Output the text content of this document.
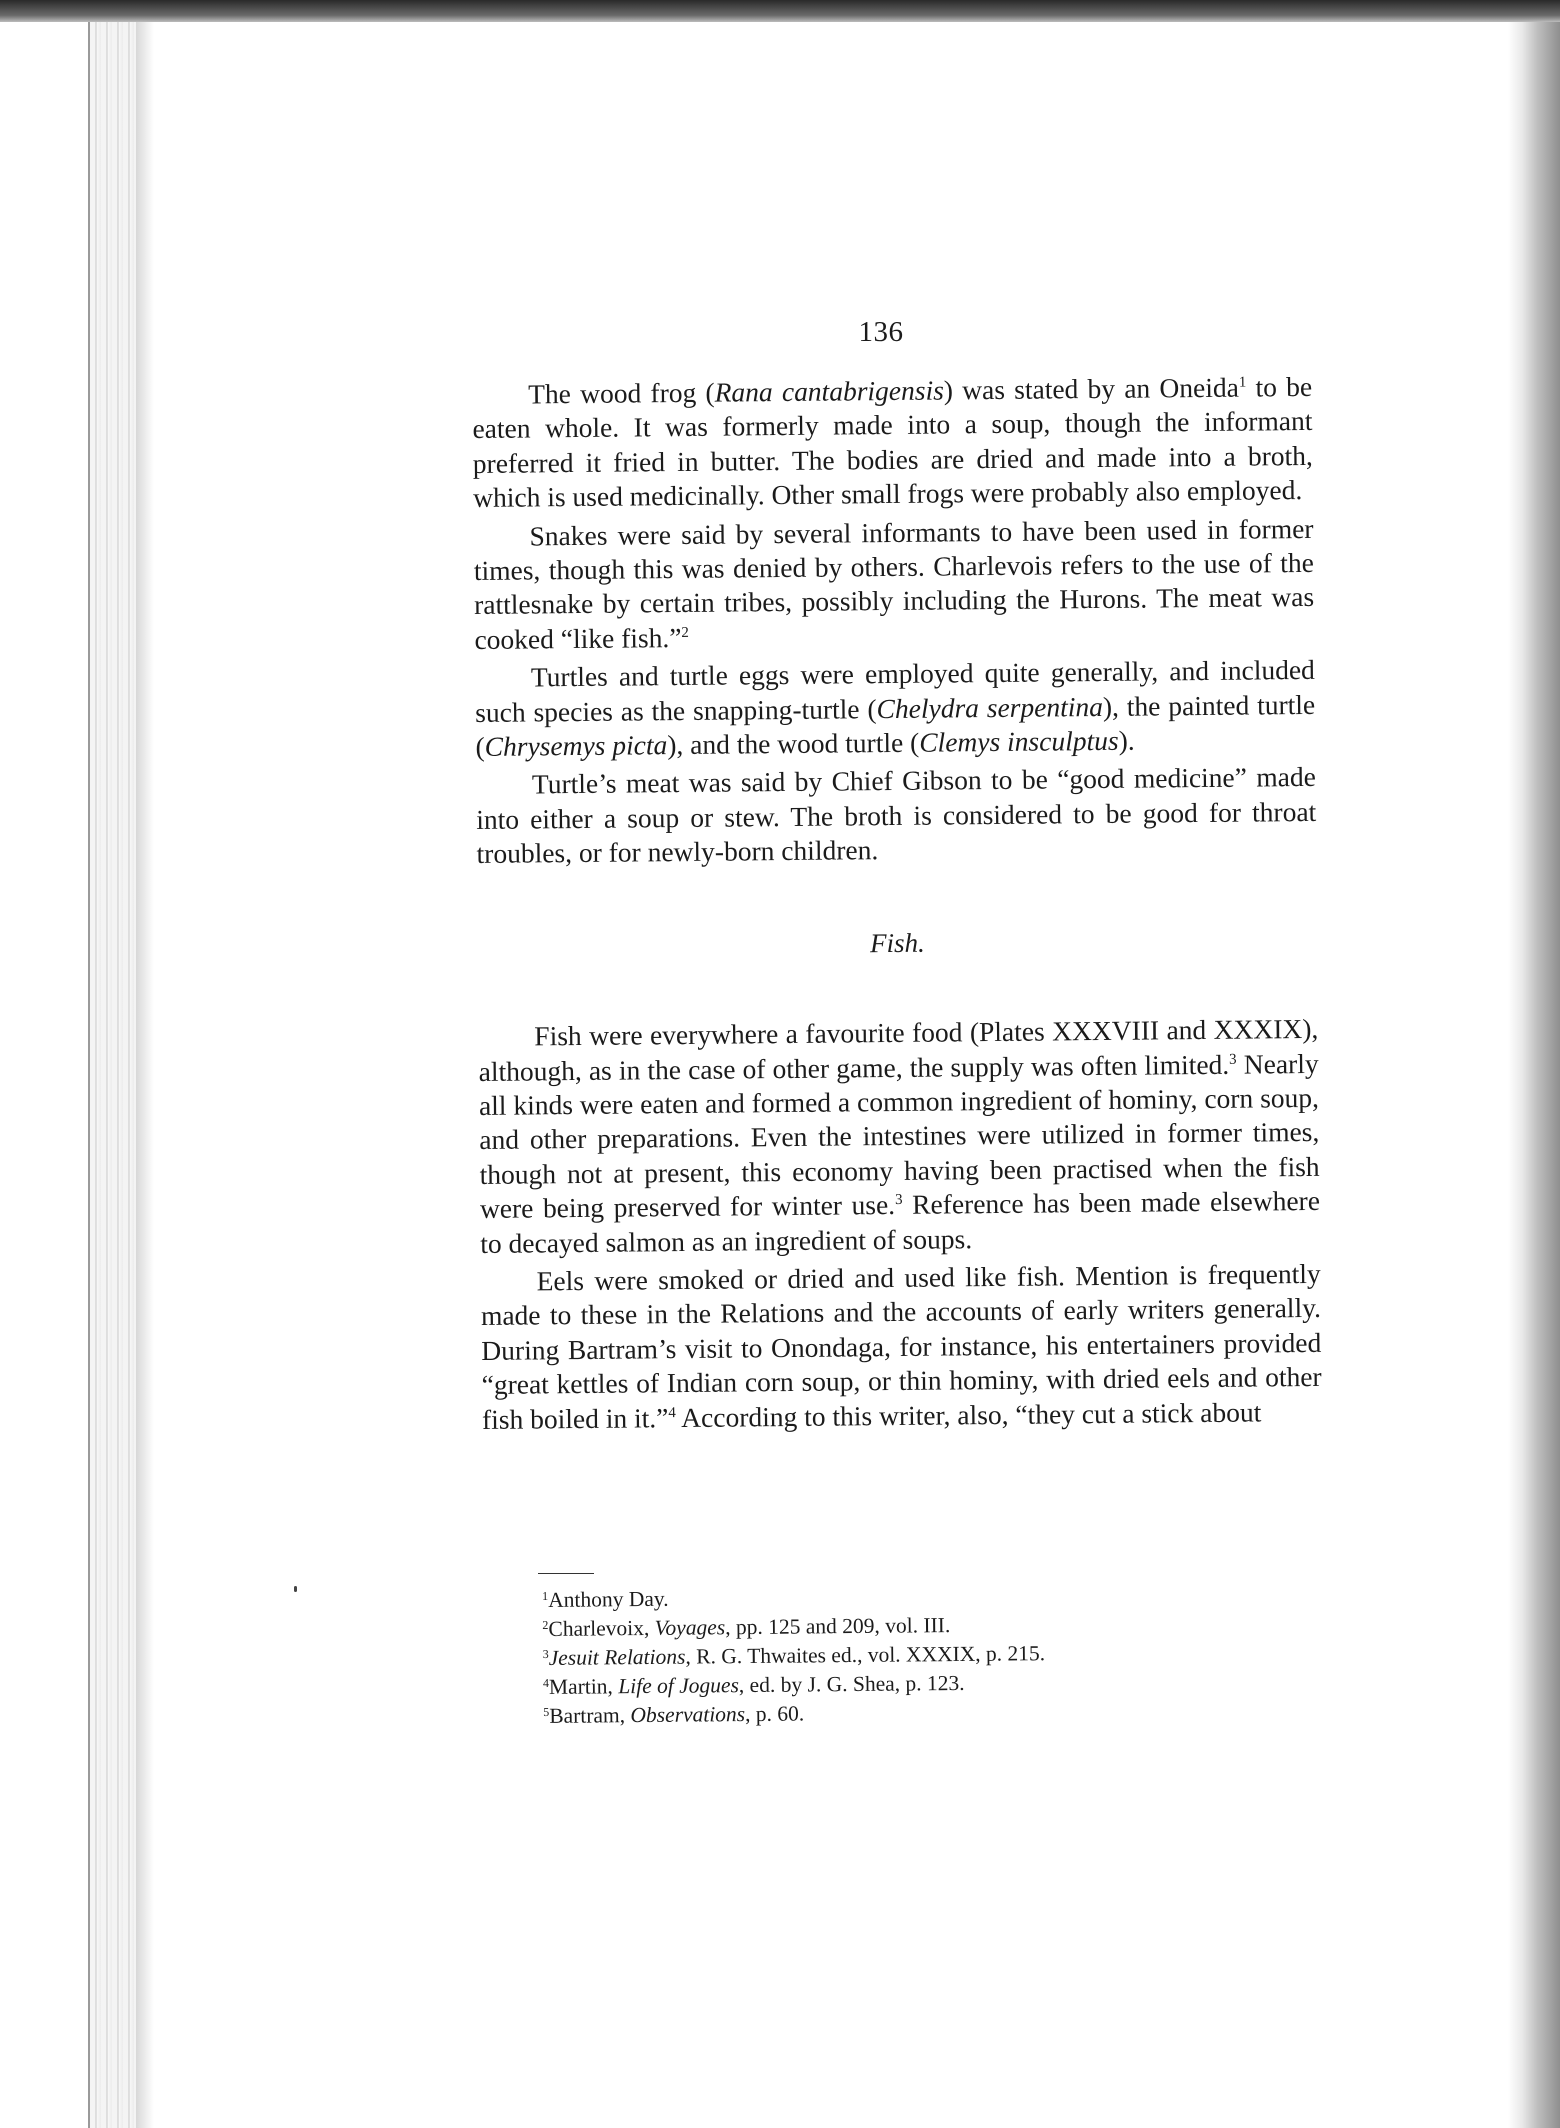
136

The wood frog (Rana cantabrigensis) was stated by an Oneida$^1$ to be eaten whole. It was formerly made into a soup, though the informant preferred it fried in butter. The bodies are dried and made into a broth, which is used medicinally. Other small frogs were probably also employed.

Snakes were said by several informants to have been used in former times, though this was denied by others. Charlevois refers to the use of the rattlesnake by certain tribes, possibly including the Hurons. The meat was cooked “like fish.”$^2$

Turtles and turtle eggs were employed quite generally, and included such species as the snapping-turtle (Chelydra serpentina), the painted turtle (Chrysemys picta), and the wood turtle (Clemys insculptus).

Turtle’s meat was said by Chief Gibson to be “good medicine” made into either a soup or stew. The broth is considered to be good for throat troubles, or for newly-born children.

Fish.

Fish were everywhere a favourite food (Plates XXXVIII and XXXIX), although, as in the case of other game, the supply was often limited.$^3$ Nearly all kinds were eaten and formed a common ingredient of hominy, corn soup, and other preparations. Even the intestines were utilized in former times, though not at present, this economy having been practised when the fish were being preserved for winter use.$^3$ Reference has been made elsewhere to decayed salmon as an ingredient of soups.

Eels were smoked or dried and used like fish. Mention is frequently made to these in the Relations and the accounts of early writers generally. During Bartram’s visit to Onondaga, for instance, his entertainers provided “great kettles of Indian corn soup, or thin hominy, with dried eels and other fish boiled in it.”$^4$ According to this writer, also, “they cut a stick about

$^1$Anthony Day.
$^2$Charlevoix, Voyages, pp. 125 and 209, vol. III.
$^3$Jesuit Relations, R. G. Thwaites ed., vol. XXXIX, p. 215.
$^4$Martin, Life of Jogues, ed. by J. G. Shea, p. 123.
$^5$Bartram, Observations, p. 60.
